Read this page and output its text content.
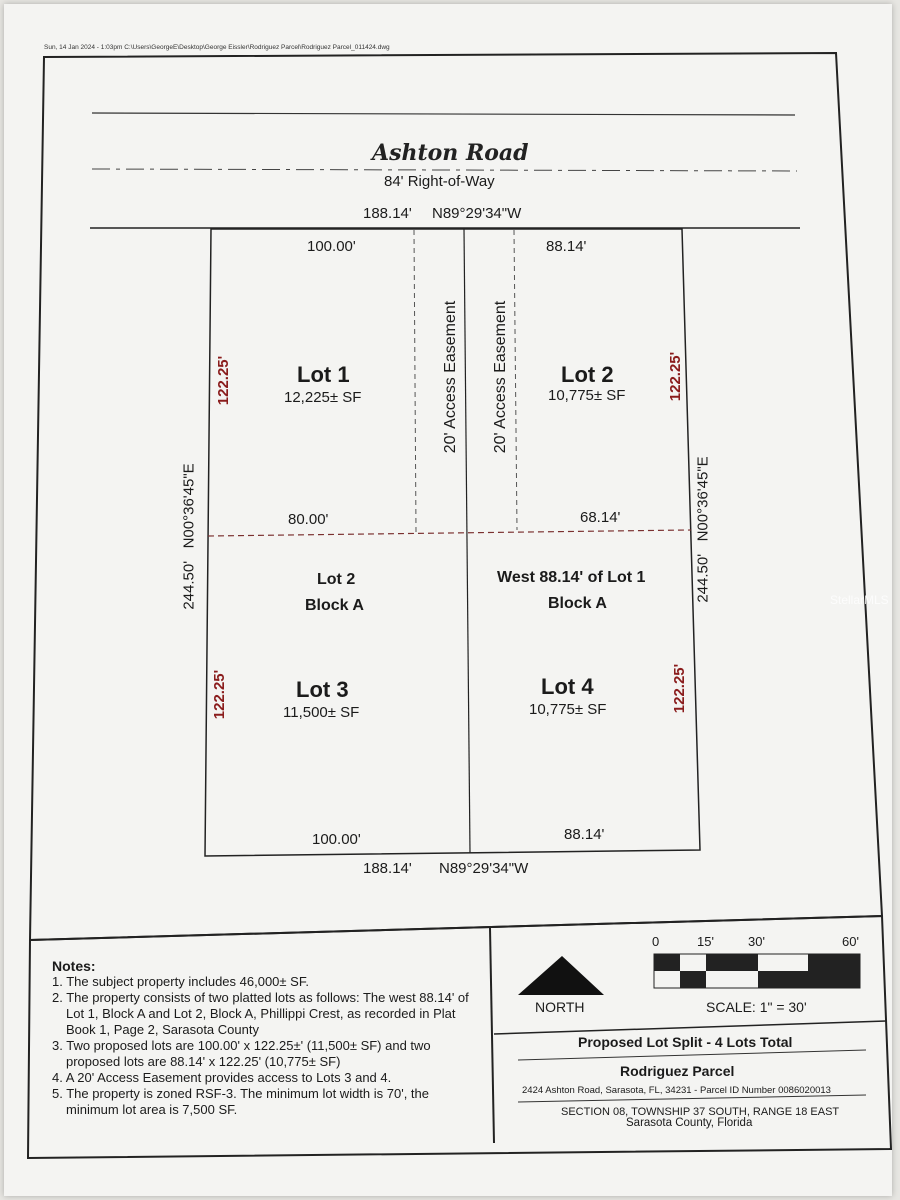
Sun, 14 Jan 2024 - 1:03pm C:\Users\GeorgeE\Desktop\George Eissler\Rodriguez Parcel\Rodriguez Parcel_011424.dwg
Ashton Road
84' Right-of-Way
188.14' N89°29'34"W
100.00'
Lot 1
12,225± SF
80.00'
122.25'	20' Access Easement 20' Access Easement
88.14'
Lot 2
10,775± SF
68.14'
122.25'
244.50'   N00°36'45"E
244.50'   N00°36'45"E
Lot 2
Block A
Lot 3
11,500± SF
100.00'
122.25'
West 88.14' of Lot 1
Block A
Lot 4
10,775± SF
88.14'
122.25'
188.14' N89°29'34"W
Notes:
1. The subject property includes 46,000± SF.
2. The property consists of two platted lots as follows: The west 88.14' of Lot 1, Block A and Lot 2, Block A, Phillippi Crest, as recorded in Plat Book 1, Page 2, Sarasota County
3. Two proposed lots are 100.00' x 122.25±' (11,500± SF) and two proposed lots are 88.14' x 122.25' (10,775± SF)
4. A 20' Access Easement provides access to Lots 3 and 4.
5. The property is zoned RSF-3. The minimum lot width is 70', the minimum lot area is 7,500 SF.
NORTH
0	15'	30'	60'
SCALE: 1" = 30'
Proposed Lot Split - 4 Lots Total
Rodriguez Parcel
2424 Ashton Road, Sarasota, FL, 34231 - Parcel ID Number 0086020013
SECTION 08, TOWNSHIP 37 SOUTH, RANGE 18 EAST
Sarasota County, Florida
StellarMLS
